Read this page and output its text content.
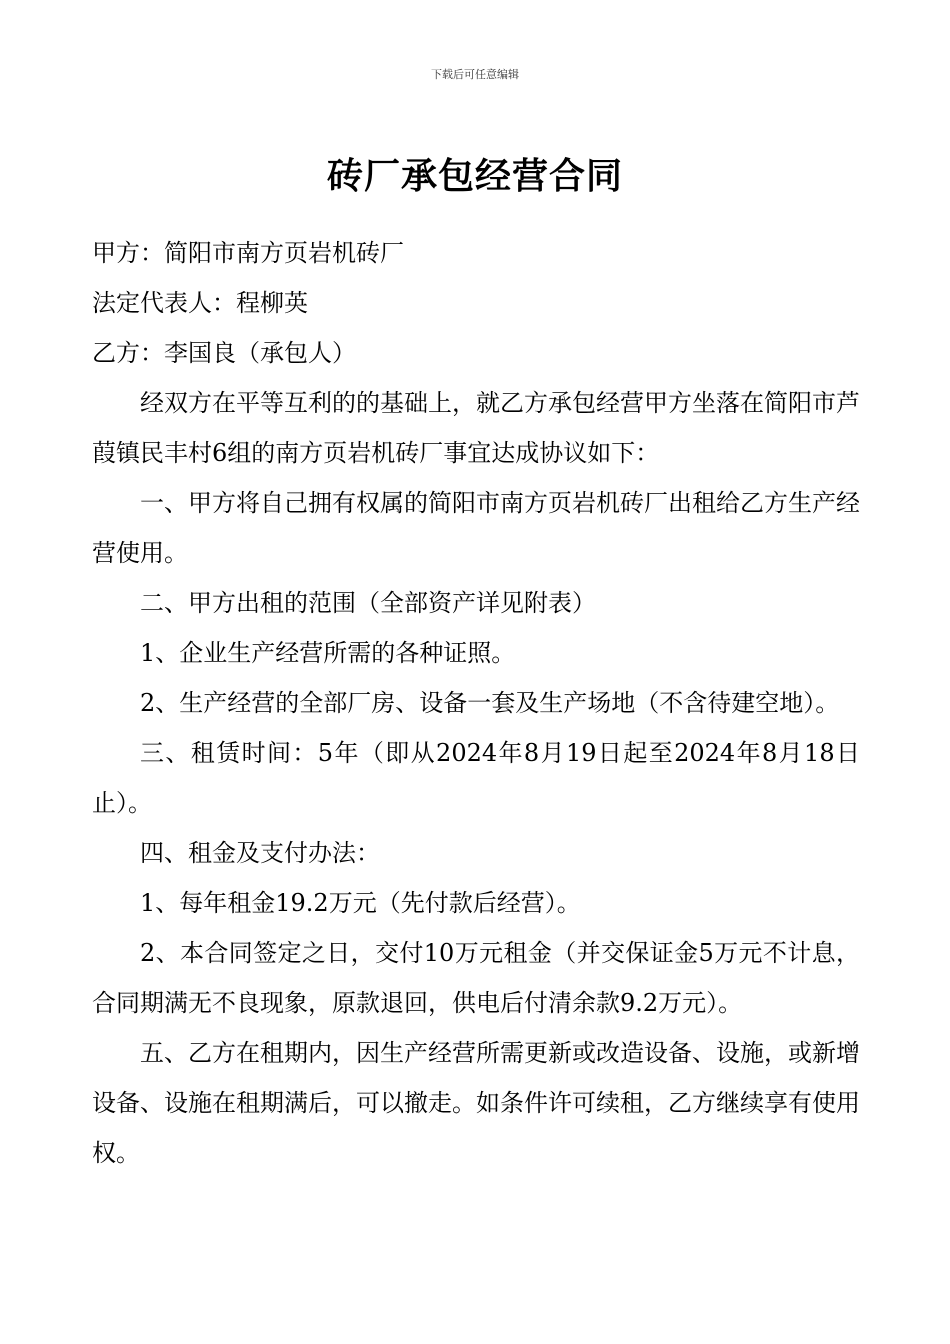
下载后可任意编辑
砖厂承包经营合同
甲方：简阳市南方页岩机砖厂
法定代表人：程柳英
乙方：李国良（承包人）
经双方在平等互利的的基础上，就乙方承包经营甲方坐落在简阳市芦葭镇民丰村6组的南方页岩机砖厂事宜达成协议如下：
一、甲方将自己拥有权属的简阳市南方页岩机砖厂出租给乙方生产经营使用。
二、甲方出租的范围（全部资产详见附表）
1、企业生产经营所需的各种证照。
2、生产经营的全部厂房、设备一套及生产场地（不含待建空地）。
三、租赁时间：5年（即从2024年8月19日起至2024年8月18日止）。
四、租金及支付办法：
1、每年租金19.2万元（先付款后经营）。
2、本合同签定之日，交付10万元租金（并交保证金5万元不计息，合同期满无不良现象，原款退回，供电后付清余款9.2万元）。
五、乙方在租期内，因生产经营所需更新或改造设备、设施，或新增设备、设施在租期满后，可以撤走。如条件许可续租，乙方继续享有使用权。
